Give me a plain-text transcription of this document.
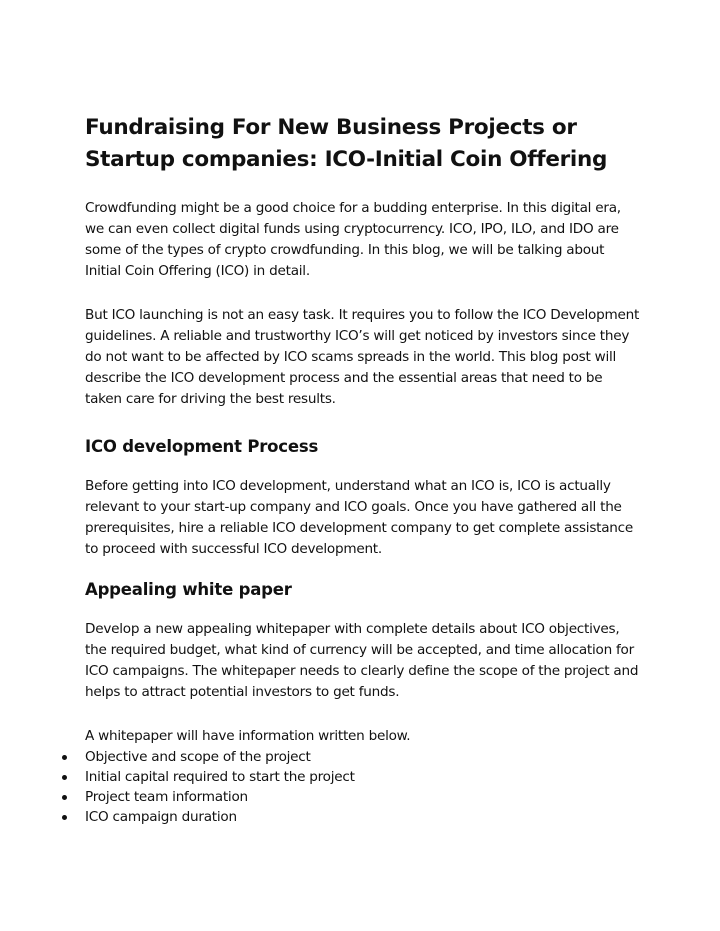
Fundraising For New Business Projects or Startup companies: ICO-Initial Coin Offering

Crowdfunding might be a good choice for a budding enterprise. In this digital era, we can even collect digital funds using cryptocurrency. ICO, IPO, ILO, and IDO are some of the types of crypto crowdfunding. In this blog, we will be talking about Initial Coin Offering (ICO) in detail.

But ICO launching is not an easy task. It requires you to follow the ICO Development guidelines. A reliable and trustworthy ICO’s will get noticed by investors since they do not want to be affected by ICO scams spreads in the world. This blog post will describe the ICO development process and the essential areas that need to be taken care for driving the best results.

ICO development Process

Before getting into ICO development, understand what an ICO is, ICO is actually relevant to your start-up company and ICO goals. Once you have gathered all the prerequisites, hire a reliable ICO development company to get complete assistance to proceed with successful ICO development.

Appealing white paper

Develop a new appealing whitepaper with complete details about ICO objectives, the required budget, what kind of currency will be accepted, and time allocation for ICO campaigns. The whitepaper needs to clearly define the scope of the project and helps to attract potential investors to get funds.

A whitepaper will have information written below.

Objective and scope of the project
Initial capital required to start the project
Project team information
ICO campaign duration
